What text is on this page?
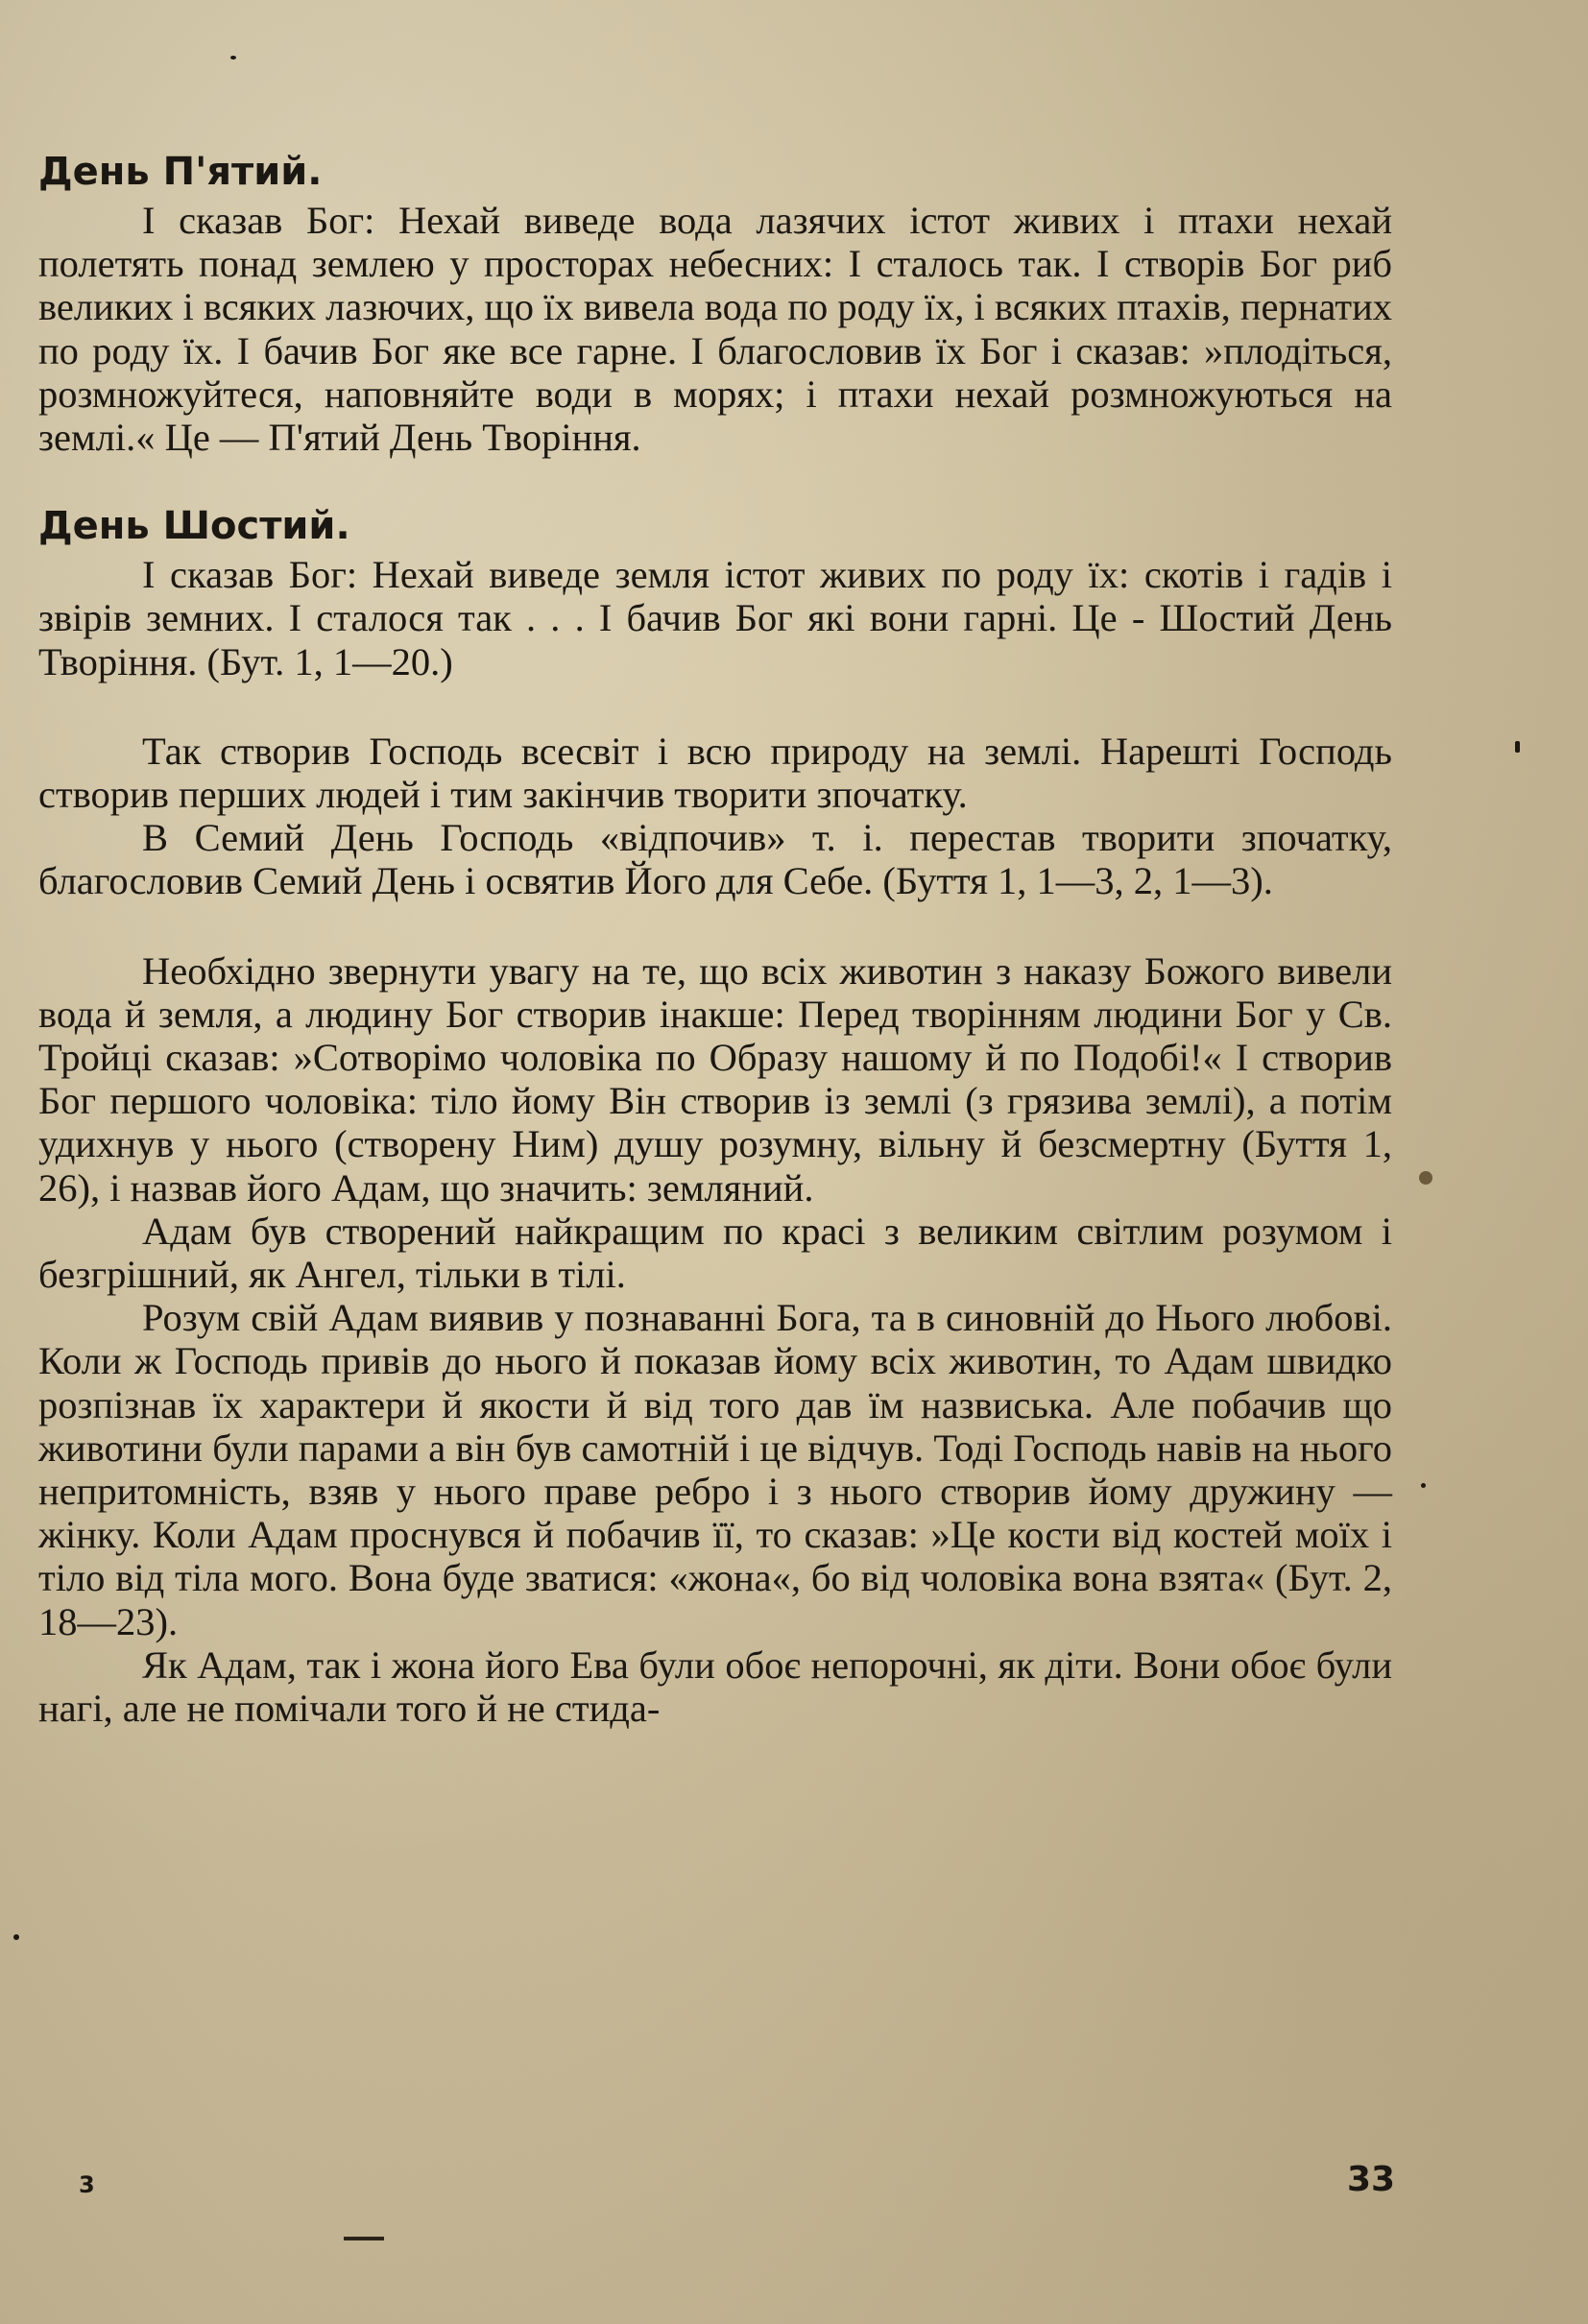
День П'ятий.

І сказав Бог: Нехай виведе вода лазячих істот живих і птахи нехай полетять понад землею у просторах небесних: І сталось так. І створів Бог риб великих і всяких лазючих, що їх вивела вода по роду їх, і всяких птахів, пернатих по роду їх. І бачив Бог яке все гарне. І благословив їх Бог і сказав: »плодіться, розмножуйтеся, наповняйте води в морях; і птахи нехай розмножуються на землі.« Це — П'ятий День Творіння.

День Шостий.

І сказав Бог: Нехай виведе земля істот живих по роду їх: скотів і гадів і звірів земних. І сталося так . . . І бачив Бог які вони гарні. Це - Шостий День Творіння. (Бут. 1, 1—20.)

Так створив Господь всесвіт і всю природу на землі. Нарешті Господь створив перших людей і тим закінчив творити зпочатку.

В Семий День Господь «відпочив» т. і. перестав творити зпочатку, благословив Семий День і освятив Його для Себе. (Буття 1, 1—3, 2, 1—3).

Необхідно звернути увагу на те, що всіх животин з наказу Божого вивели вода й земля, а людину Бог створив інакше: Перед творінням людини Бог у Св. Тройці сказав: »Сотворімо чоловіка по Образу нашому й по Подобі!« І створив Бог першого чоловіка: тіло йому Він створив із землі (з грязива землі), а потім удихнув у нього (створену Ним) душу розумну, вільну й безсмертну (Буття 1, 26), і назвав його Адам, що значить: земляний.

Адам був створений найкращим по красі з великим світлим розумом і безгрішний, як Ангел, тільки в тілі.

Розум свій Адам виявив у познаванні Бога, та в синовній до Нього любові. Коли ж Господь привів до нього й показав йому всіх животин, то Адам швидко розпізнав їх характери й якости й від того дав їм назвиська. Але побачив що животини були парами а він був самотній і це відчув. Тоді Господь навів на нього непритомність, взяв у нього праве ребро і з нього створив йому дружину — жінку. Коли Адам проснувся й побачив її, то сказав: »Це кости від костей моїх і тіло від тіла мого. Вона буде зватися: «жона«, бо від чоловіка вона взята« (Бут. 2, 18—23).

Як Адам, так і жона його Ева були обоє непорочні, як діти. Вони обоє були нагі, але не помічали того й не стида-

3	33
